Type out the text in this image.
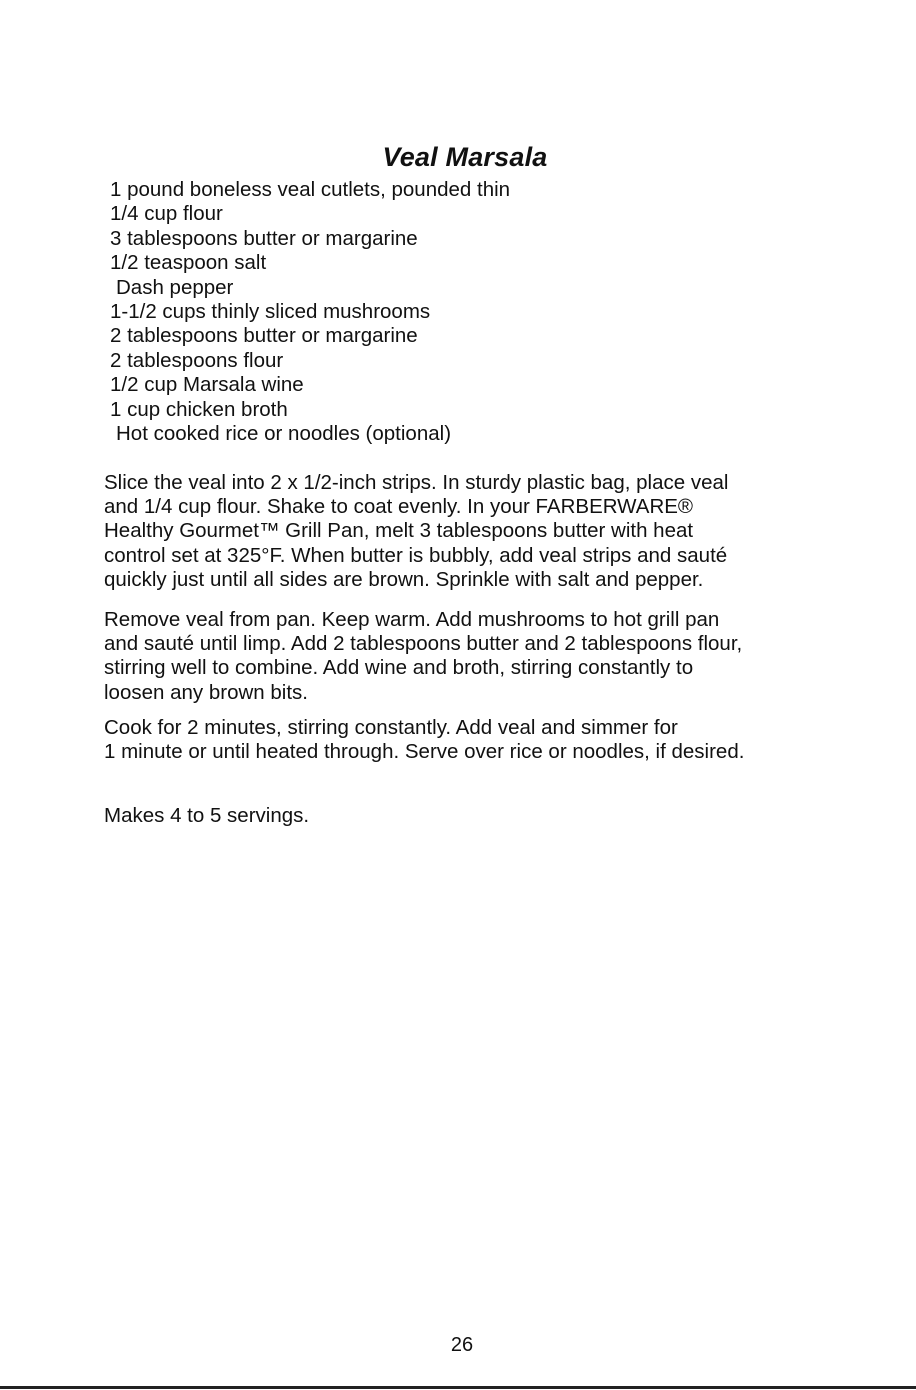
Veal Marsala
1 pound boneless veal cutlets, pounded thin
1/4 cup flour
3 tablespoons butter or margarine
1/2 teaspoon salt
Dash pepper
1-1/2 cups thinly sliced mushrooms
2 tablespoons butter or margarine
2 tablespoons flour
1/2 cup Marsala wine
1 cup chicken broth
Hot cooked rice or noodles (optional)

Slice the veal into 2 x 1/2-inch strips. In sturdy plastic bag, place veal
and 1/4 cup flour. Shake to coat evenly. In your FARBERWARE®
Healthy Gourmet™ Grill Pan, melt 3 tablespoons butter with heat
control set at 325°F. When butter is bubbly, add veal strips and sauté
quickly just until all sides are brown. Sprinkle with salt and pepper.

Remove veal from pan. Keep warm. Add mushrooms to hot grill pan
and sauté until limp. Add 2 tablespoons butter and 2 tablespoons flour,
stirring well to combine. Add wine and broth, stirring constantly to
loosen any brown bits.

Cook for 2 minutes, stirring constantly. Add veal and simmer for
1 minute or until heated through. Serve over rice or noodles, if desired.

Makes 4 to 5 servings.

26
